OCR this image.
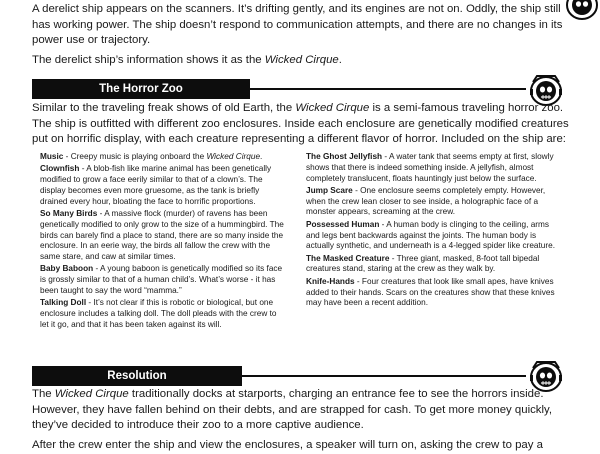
A derelict ship appears on the scanners. It’s drifting gently, and its engines are not on. Oddly, the ship still has working power. The ship doesn’t respond to communication attempts, and there are no changes in its power use or trajectory.

The derelict ship’s information shows it as the Wicked Cirque.

The Horror Zoo

Similar to the traveling freak shows of old Earth, the Wicked Cirque is a semi-famous traveling horror zoo. The ship is outfitted with different zoo enclosures. Inside each enclosure are genetically modified creatures put on horrific display, with each creature representing a different flavor of horror. Included on the ship are:

Music - Creepy music is playing onboard the Wicked Cirque.

Clownfish - A blob-fish like marine animal has been genetically modified to grow a face eerily similar to that of a clown’s. The display becomes even more gruesome, as the tank is briefly drained every hour, bloating the face to horrific proportions.

So Many Birds - A massive flock (murder) of ravens has been genetically modified to only grow to the size of a hummingbird. The birds can barely find a place to stand, there are so many inside the enclosure. In an eerie way, the birds all fallow the crew with the same stare, and caw at similar times.

Baby Baboon - A young baboon is genetically modified so its face is grossly similar to that of a human child’s. What’s worse - it has been taught to say the word “mamma.”

Talking Doll - It’s not clear if this is robotic or biological, but one enclosure includes a talking doll. The doll pleads with the crew to let it go, and that it has been taken against its will.

The Ghost Jellyfish - A water tank that seems empty at first, slowly shows that there is indeed something inside. A jellyfish, almost completely translucent, floats hauntingly just below the surface.

Jump Scare - One enclosure seems completely empty. However, when the crew lean closer to see inside, a holographic face of a monster appears, screaming at the crew.

Possessed Human - A human body is clinging to the ceiling, arms and legs bent backwards against the joints. The human body is actually synthetic, and underneath is a 4-legged spider like creature.

The Masked Creature - Three giant, masked, 8-foot tall bipedal creatures stand, staring at the crew as they walk by.

Knife-Hands - Four creatures that look like small apes, have knives added to their hands. Scars on the creatures show that these knives may have been a recent addition.

Resolution

The Wicked Cirque traditionally docks at starports, charging an entrance fee to see the horrors inside. However, they have fallen behind on their debts, and are strapped for cash. To get more money quickly, they’ve decided to introduce their zoo to a more captive audience.

After the crew enter the ship and view the enclosures, a speaker will turn on, asking the crew to pay a
